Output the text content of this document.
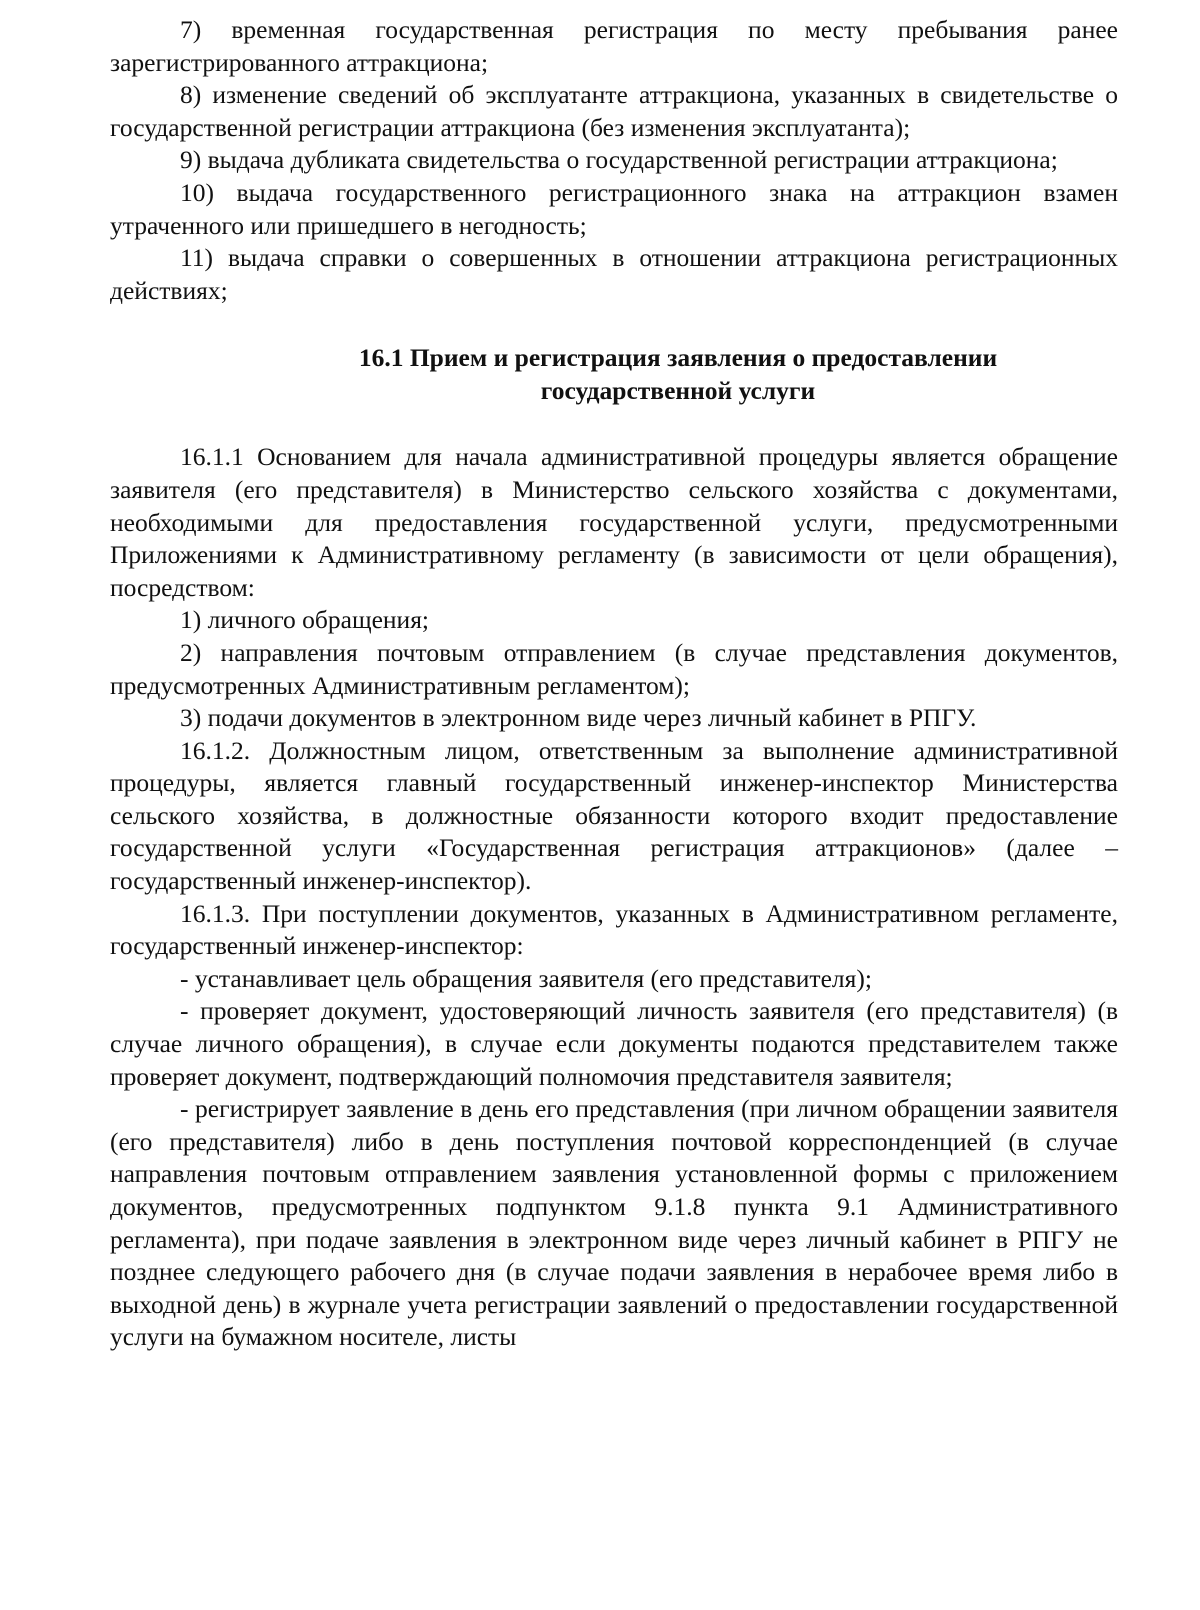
7) временная государственная регистрация по месту пребывания ранее зарегистрированного аттракциона;

8) изменение сведений об эксплуатанте аттракциона, указанных в свидетельстве о государственной регистрации аттракциона (без изменения эксплуатанта);

9) выдача дубликата свидетельства о государственной регистрации аттракциона;

10) выдача государственного регистрационного знака на аттракцион взамен утраченного или пришедшего в негодность;

11) выдача справки о совершенных в отношении аттракциона регистрационных действиях;

16.1 Прием и регистрация заявления о предоставлении
государственной услуги

16.1.1 Основанием для начала административной процедуры является обращение заявителя (его представителя) в Министерство сельского хозяйства с документами, необходимыми для предоставления государственной услуги, предусмотренными Приложениями к Административному регламенту (в зависимости от цели обращения), посредством:

1) личного обращения;

2) направления почтовым отправлением (в случае представления документов, предусмотренных Административным регламентом);

3) подачи документов в электронном виде через личный кабинет в РПГУ.

16.1.2. Должностным лицом, ответственным за выполнение административной процедуры, является главный государственный инженер-инспектор Министерства сельского хозяйства, в должностные обязанности которого входит предоставление государственной услуги «Государственная регистрация аттракционов» (далее – государственный инженер-инспектор).

16.1.3. При поступлении документов, указанных в Административном регламенте, государственный инженер-инспектор:

- устанавливает цель обращения заявителя (его представителя);

- проверяет документ, удостоверяющий личность заявителя (его представителя) (в случае личного обращения), в случае если документы подаются представителем также проверяет документ, подтверждающий полномочия представителя заявителя;

- регистрирует заявление в день его представления (при личном обращении заявителя (его представителя) либо в день поступления почтовой корреспонденцией (в случае направления почтовым отправлением заявления установленной формы с приложением документов, предусмотренных подпунктом 9.1.8 пункта 9.1 Административного регламента), при подаче заявления в электронном виде через личный кабинет в РПГУ не позднее следующего рабочего дня (в случае подачи заявления в нерабочее время либо в выходной день) в журнале учета регистрации заявлений о предоставлении государственной услуги на бумажном носителе, листы
